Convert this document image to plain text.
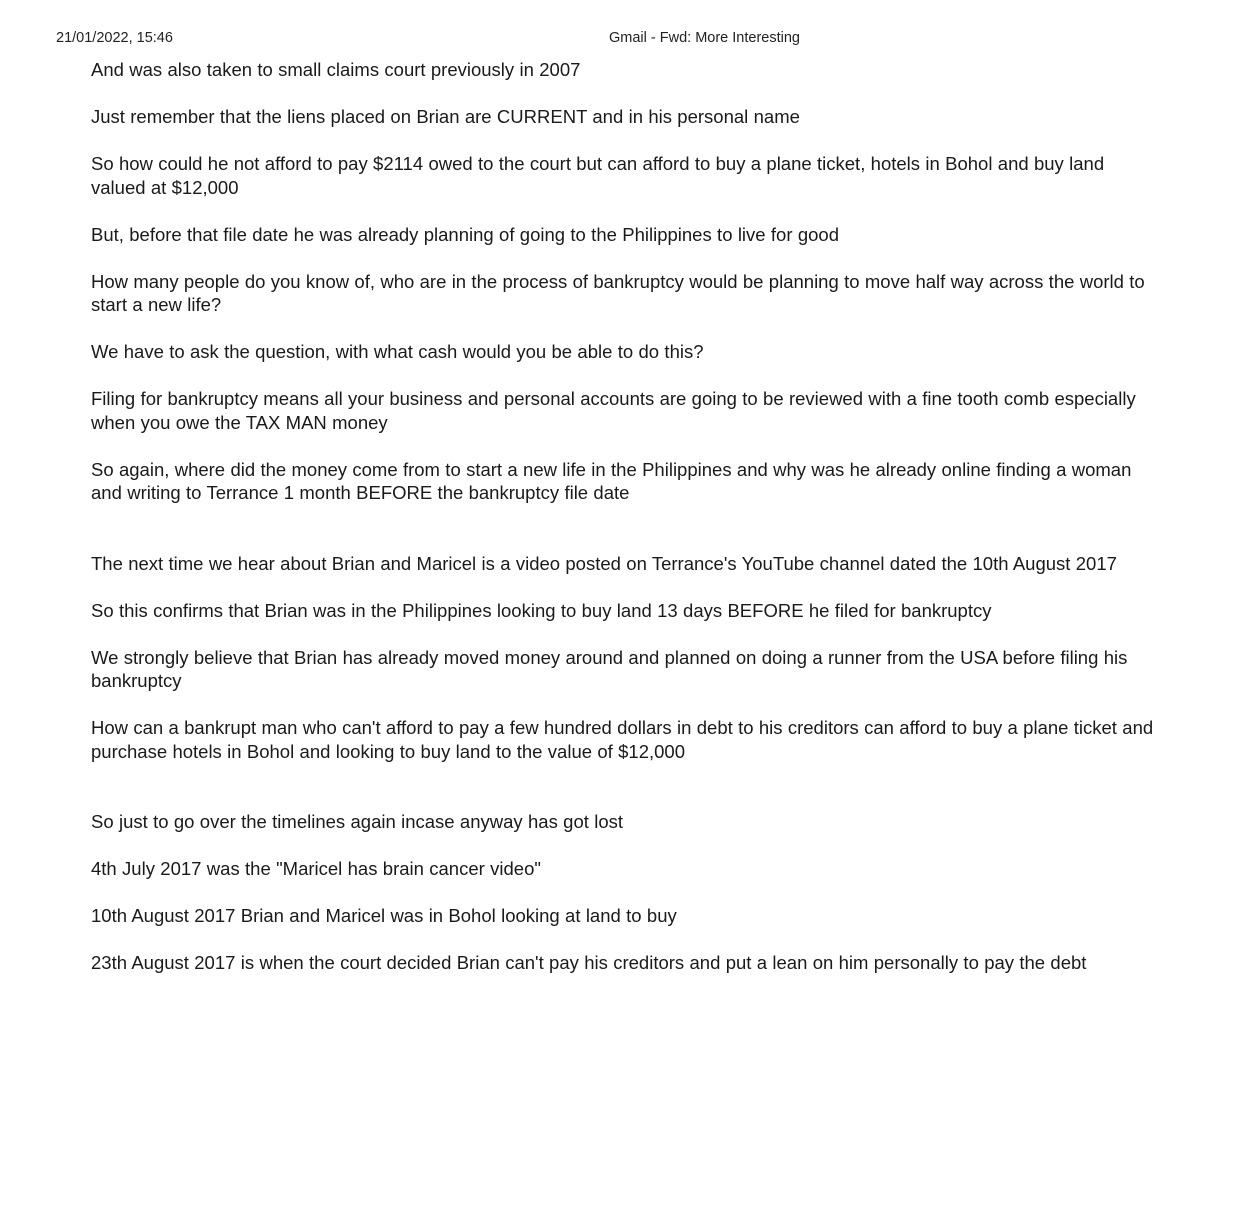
21/01/2022, 15:46	Gmail - Fwd: More Interesting

And was also taken to small claims court previously in 2007

Just remember that the liens placed on Brian are CURRENT and in his personal name

So how could he not afford to pay $2114 owed to the court but can afford to buy a plane ticket, hotels in Bohol and buy land valued at $12,000

But, before that file date he was already planning of going to the Philippines to live for good

How many people do you know of, who are in the process of bankruptcy would be planning to move half way across the world to start a new life?

We have to ask the question, with what cash would you be able to do this?

Filing for bankruptcy means all your business and personal accounts are going to be reviewed with a fine tooth comb especially when you owe the TAX MAN money

So again, where did the money come from to start a new life in the Philippines and why was he already online finding a woman and writing to Terrance 1 month BEFORE the bankruptcy file date

The next time we hear about Brian and Maricel is a video posted on Terrance's YouTube channel dated the 10th August 2017

So this confirms that Brian was in the Philippines looking to buy land 13 days BEFORE he filed for bankruptcy

We strongly believe that Brian has already moved money around and planned on doing a runner from the USA before filing his bankruptcy

How can a bankrupt man who can't afford to pay a few hundred dollars in debt to his creditors can afford to buy a plane ticket and purchase hotels in Bohol and looking to buy land to the value of $12,000

So just to go over the timelines again incase anyway has got lost

4th July 2017 was the "Maricel has brain cancer video"

10th August 2017 Brian and Maricel was in Bohol looking at land to buy

23th August 2017 is when the court decided Brian can't pay his creditors and put a lean on him personally to pay the debt
